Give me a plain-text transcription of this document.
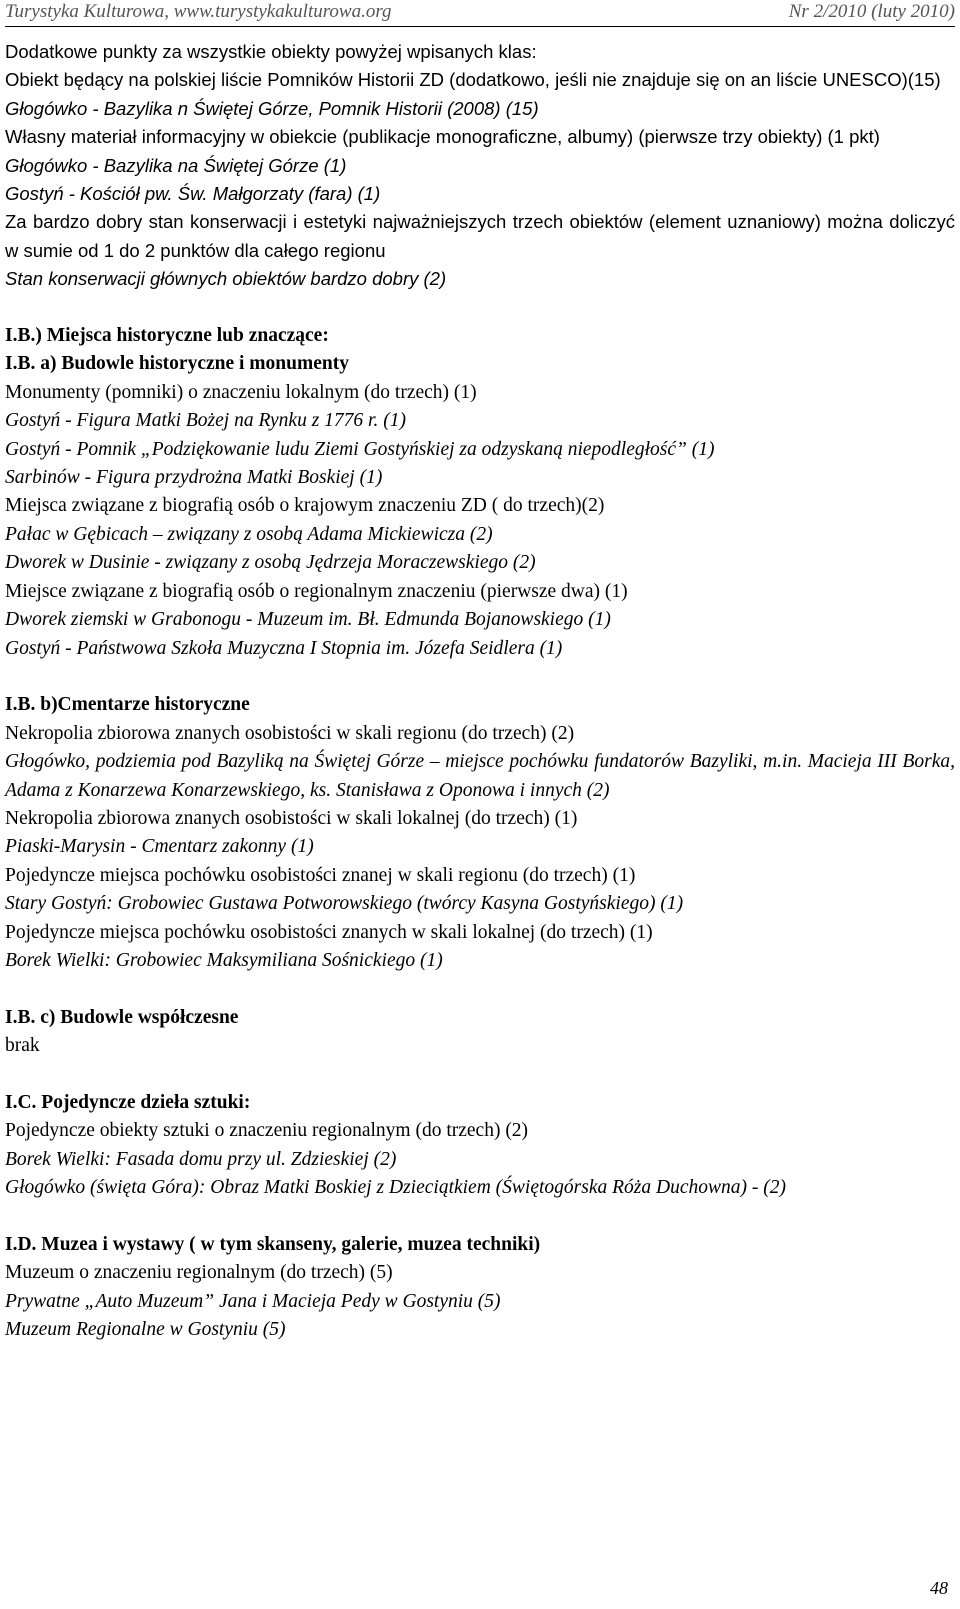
Turystyka Kulturowa, www.turystykakulturowa.org	Nr 2/2010 (luty 2010)

Dodatkowe punkty za wszystkie obiekty powyżej wpisanych klas:

Obiekt będący na polskiej liście Pomników Historii ZD (dodatkowo, jeśli nie znajduje się on an liście UNESCO)(15)

Głogówko - Bazylika n Świętej Górze, Pomnik Historii (2008) (15)

Własny materiał informacyjny w obiekcie (publikacje monograficzne, albumy) (pierwsze trzy obiekty) (1 pkt)

Głogówko - Bazylika na Świętej Górze (1)

Gostyń - Kościół pw. Św. Małgorzaty (fara) (1)

Za bardzo dobry stan konserwacji i estetyki najważniejszych trzech obiektów (element uznaniowy) można doliczyć w sumie od 1 do 2 punktów dla całego regionu

Stan konserwacji głównych obiektów bardzo dobry (2)

I.B.) Miejsca historyczne lub znaczące:

I.B. a) Budowle historyczne i monumenty

Monumenty (pomniki) o znaczeniu lokalnym (do trzech) (1)

Gostyń - Figura Matki Bożej na Rynku z 1776 r. (1)

Gostyń - Pomnik „Podziękowanie ludu Ziemi Gostyńskiej za odzyskaną niepodległość” (1)

Sarbinów - Figura przydrożna Matki Boskiej (1)

Miejsca związane z biografią osób o krajowym znaczeniu ZD ( do trzech)(2)

Pałac w Gębicach – związany z osobą Adama Mickiewicza (2)

Dworek w Dusinie - związany z osobą Jędrzeja Moraczewskiego (2)

Miejsce związane z biografią osób o regionalnym znaczeniu (pierwsze dwa) (1)

Dworek ziemski w Grabonogu - Muzeum im. Bł. Edmunda Bojanowskiego (1)

Gostyń - Państwowa Szkoła Muzyczna I Stopnia im. Józefa Seidlera (1)

I.B. b)Cmentarze historyczne

Nekropolia zbiorowa znanych osobistości w skali regionu (do trzech) (2)

Głogówko, podziemia pod Bazyliką na Świętej Górze – miejsce pochówku fundatorów Bazyliki, m.in. Macieja III Borka, Adama z Konarzewa Konarzewskiego, ks. Stanisława z Oponowa i innych (2)

Nekropolia zbiorowa znanych osobistości w skali lokalnej (do trzech) (1)

Piaski-Marysin - Cmentarz zakonny (1)

Pojedyncze miejsca pochówku osobistości znanej w skali regionu (do trzech) (1)

Stary Gostyń: Grobowiec Gustawa Potworowskiego (twórcy Kasyna Gostyńskiego) (1)

Pojedyncze miejsca pochówku osobistości znanych w skali lokalnej (do trzech) (1)

Borek Wielki: Grobowiec Maksymiliana Sośnickiego (1)

I.B. c) Budowle współczesne

brak

I.C. Pojedyncze dzieła sztuki:

Pojedyncze obiekty sztuki o znaczeniu regionalnym (do trzech) (2)

Borek Wielki: Fasada domu przy ul. Zdzieskiej (2)

Głogówko (święta Góra): Obraz Matki Boskiej z Dzieciątkiem (Świętogórska Róża Duchowna) - (2)

I.D. Muzea i wystawy ( w tym skanseny, galerie, muzea techniki)

Muzeum o znaczeniu regionalnym (do trzech) (5)

Prywatne „Auto Muzeum” Jana i Macieja Pedy w Gostyniu (5)

Muzeum Regionalne w Gostyniu (5)

48
